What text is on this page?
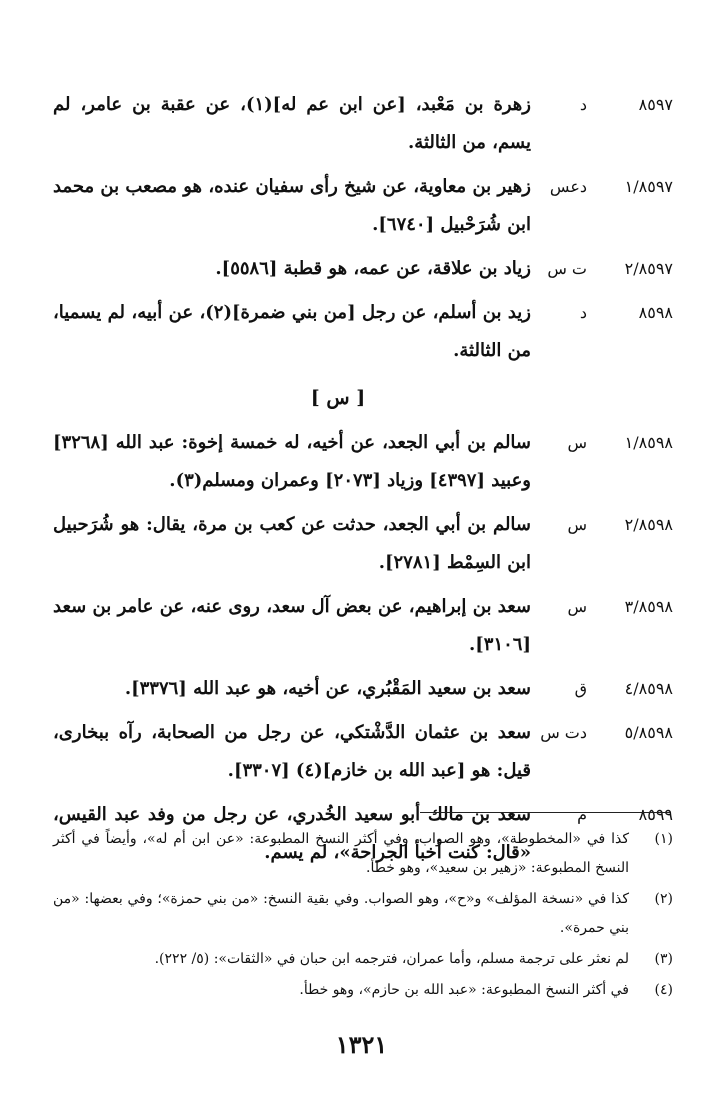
٨٥٩٧
د
زهرة بن مَعْبد، [عن ابن عم له](١)، عن عقبة بن عامر، لم يسم، من الثالثة.
١/٨٥٩٧
دعس
زهير بن معاوية، عن شيخ رأى سفيان عنده، هو مصعب بن محمد ابن شُرَحْبيل [٦٧٤٠].
٢/٨٥٩٧
ت س
زياد بن علاقة، عن عمه، هو قطبة [٥٥٨٦].
٨٥٩٨
د
زيد بن أسلم، عن رجل [من بني ضمرة](٢)، عن أبيه، لم يسميا، من الثالثة.
[ س ]
١/٨٥٩٨
س
سالم بن أبي الجعد، عن أخيه، له خمسة إخوة: عبد الله [٣٢٦٨] وعبيد [٤٣٩٧] وزياد [٢٠٧٣] وعمران ومسلم(٣).
٢/٨٥٩٨
س
سالم بن أبي الجعد، حدثت عن كعب بن مرة، يقال: هو شُرَحبيل ابن السِمْط [٢٧٨١].
٣/٨٥٩٨
س
سعد بن إبراهيم، عن بعض آل سعد، روى عنه، عن عامر بن سعد [٣١٠٦].
٤/٨٥٩٨
ق
سعد بن سعيد المَقْبُري، عن أخيه، هو عبد الله [٣٣٧٦].
٥/٨٥٩٨
دت س
سعد بن عثمان الدَّشْتكي، عن رجل من الصحابة، رآه ببخارى، قيل: هو [عبد الله بن خازم](٤) [٣٣٠٧].
٨٥٩٩
م
سعد بن مالك أبو سعيد الخُدري، عن رجل من وفد عبد القيس، «قال: كنت أخبأ الجراحة»، لم يسم.
(١)
كذا في «المخطوطة»، وهو الصواب. وفي أكثر النسخ المطبوعة: «عن ابن أم له»، وأيضاً في أكثر النسخ المطبوعة: «زهير بن سعيد»، وهو خطأ.
(٢)
كذا في «نسخة المؤلف» و«ح»، وهو الصواب. وفي بقية النسخ: «من بني حمزة»؛ وفي بعضها: «من بني حمرة».
(٣)
لم نعثر على ترجمة مسلم، وأما عمران، فترجمه ابن حبان في «الثقات»: (٥/ ٢٢٢).
(٤)
في أكثر النسخ المطبوعة: «عبد الله بن حازم»، وهو خطأ.
١٣٢١
